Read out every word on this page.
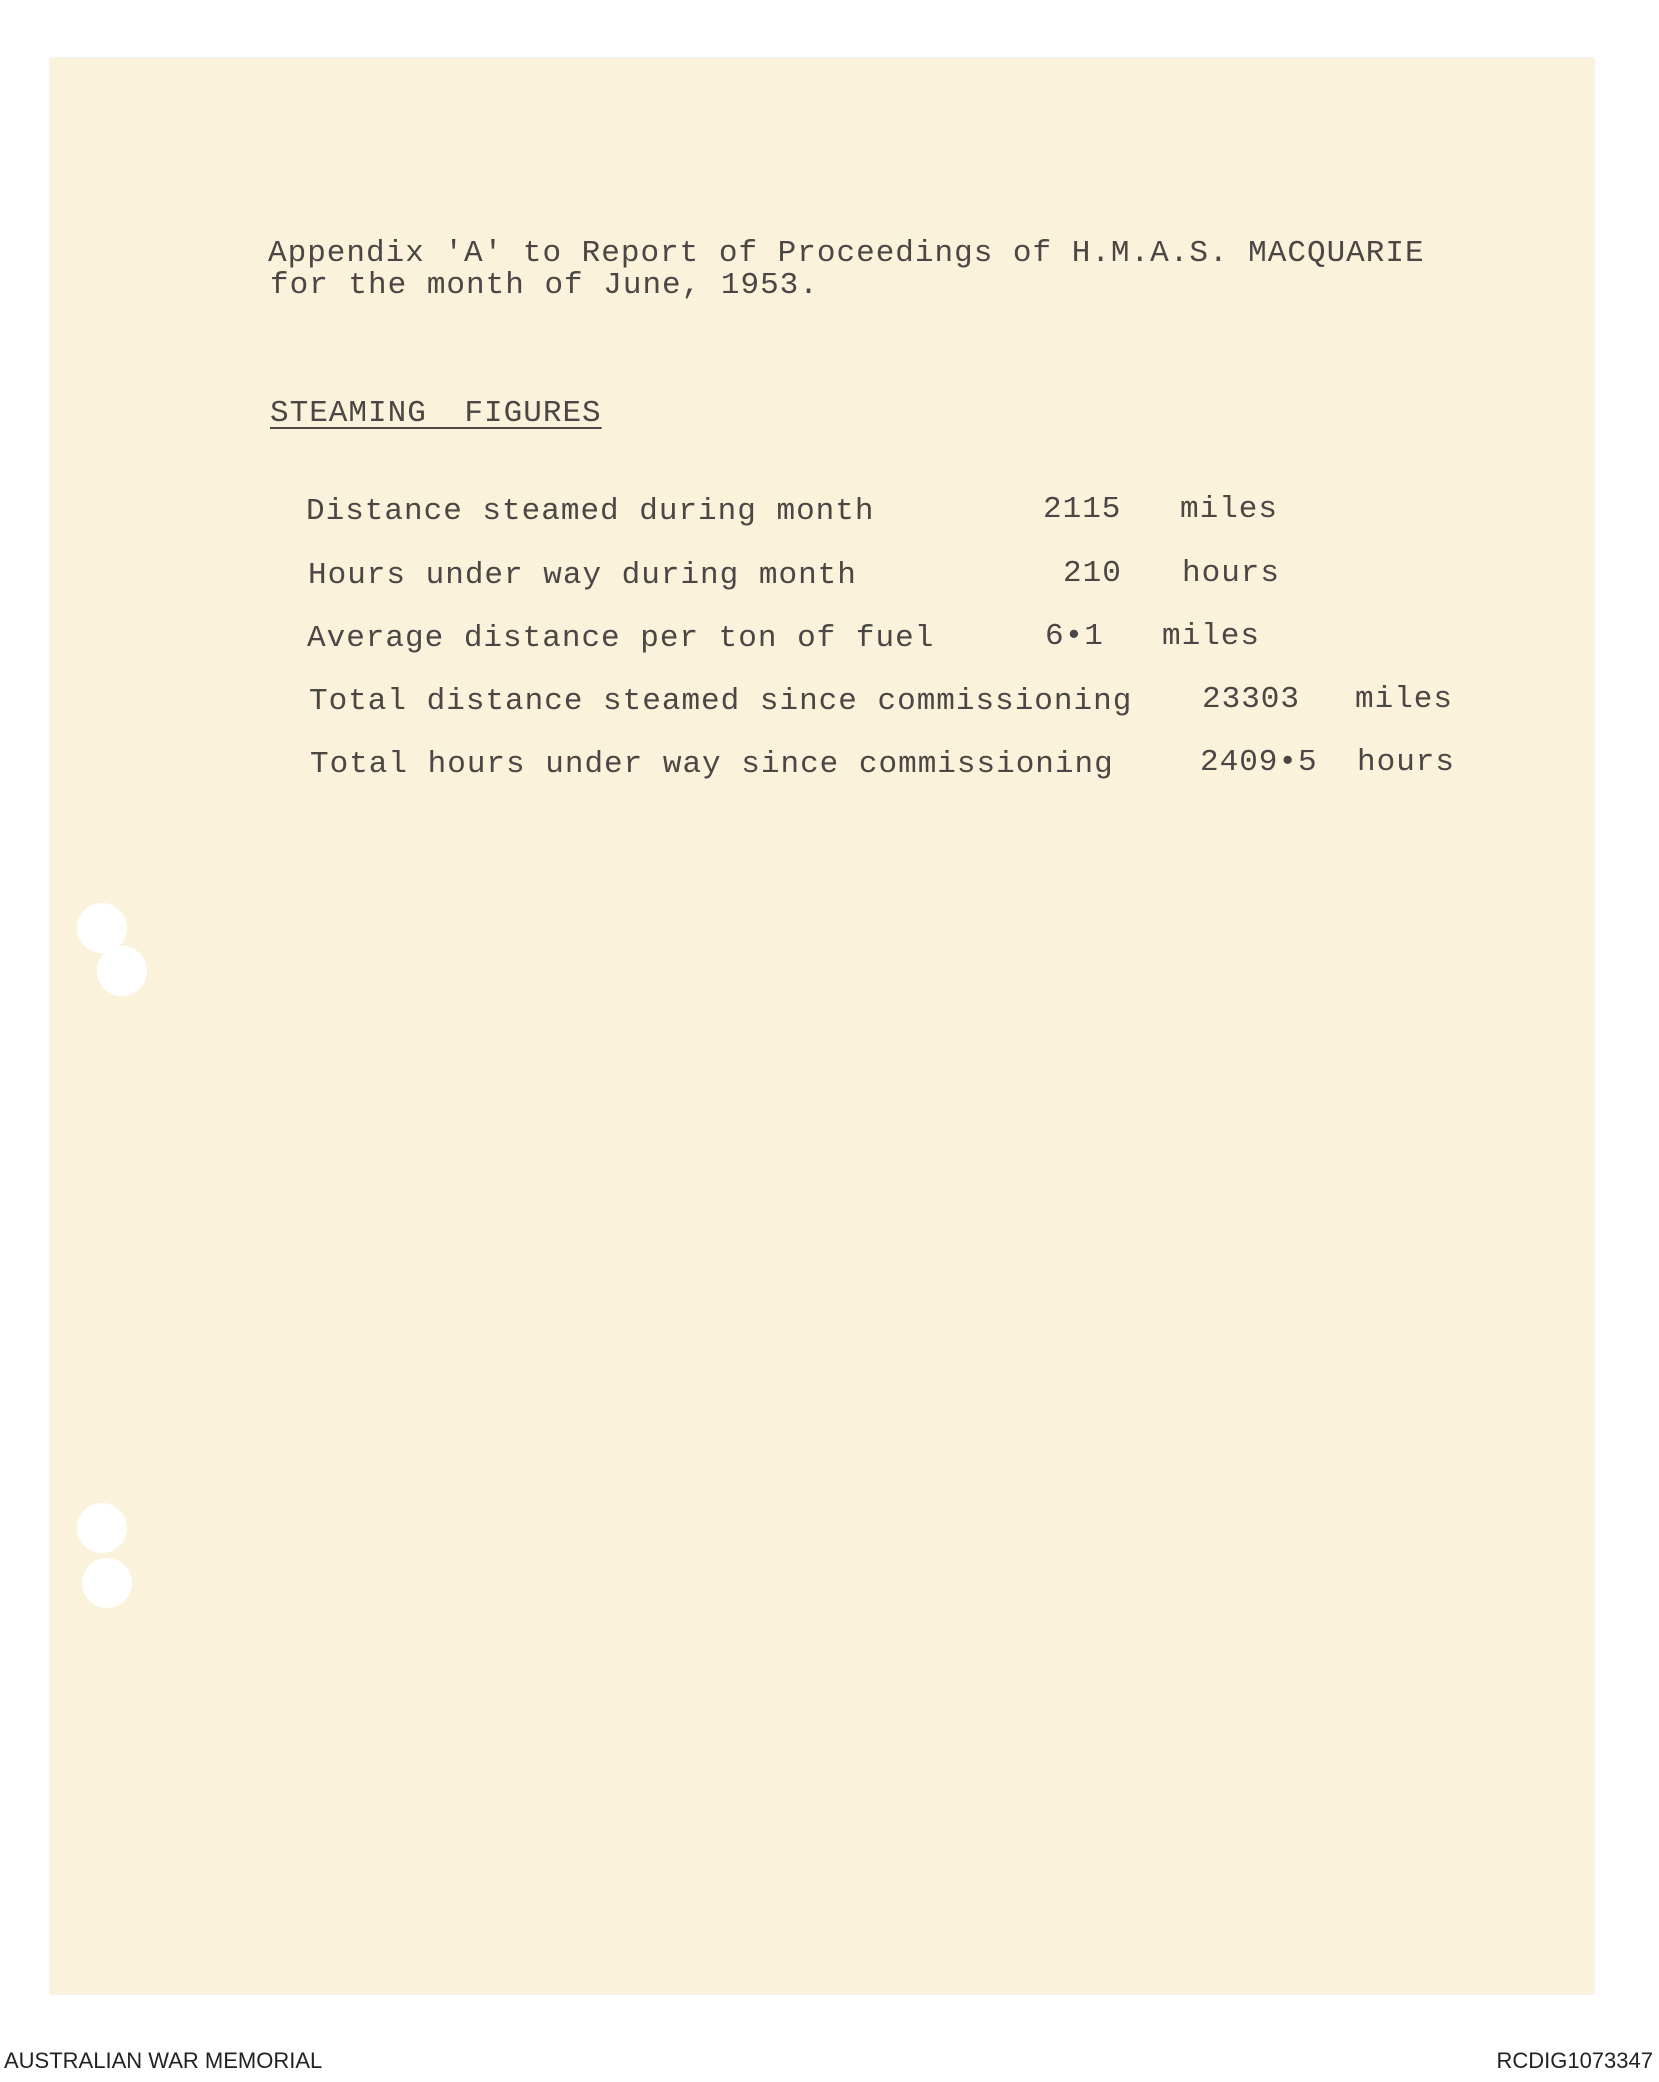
Appendix 'A' to Report of Proceedings of H.M.A.S. MACQUARIE
for the month of June, 1953.
STEAMING FIGURES
Distance steamed during month	2115 miles
Hours under way during month	210 hours
Average distance per ton of fuel	6•1 miles
Total distance steamed since commissioning 23303 miles
Total hours under way since commissioning	2409•5 hours
AUSTRALIAN WAR MEMORIAL	RCDIG1073347
